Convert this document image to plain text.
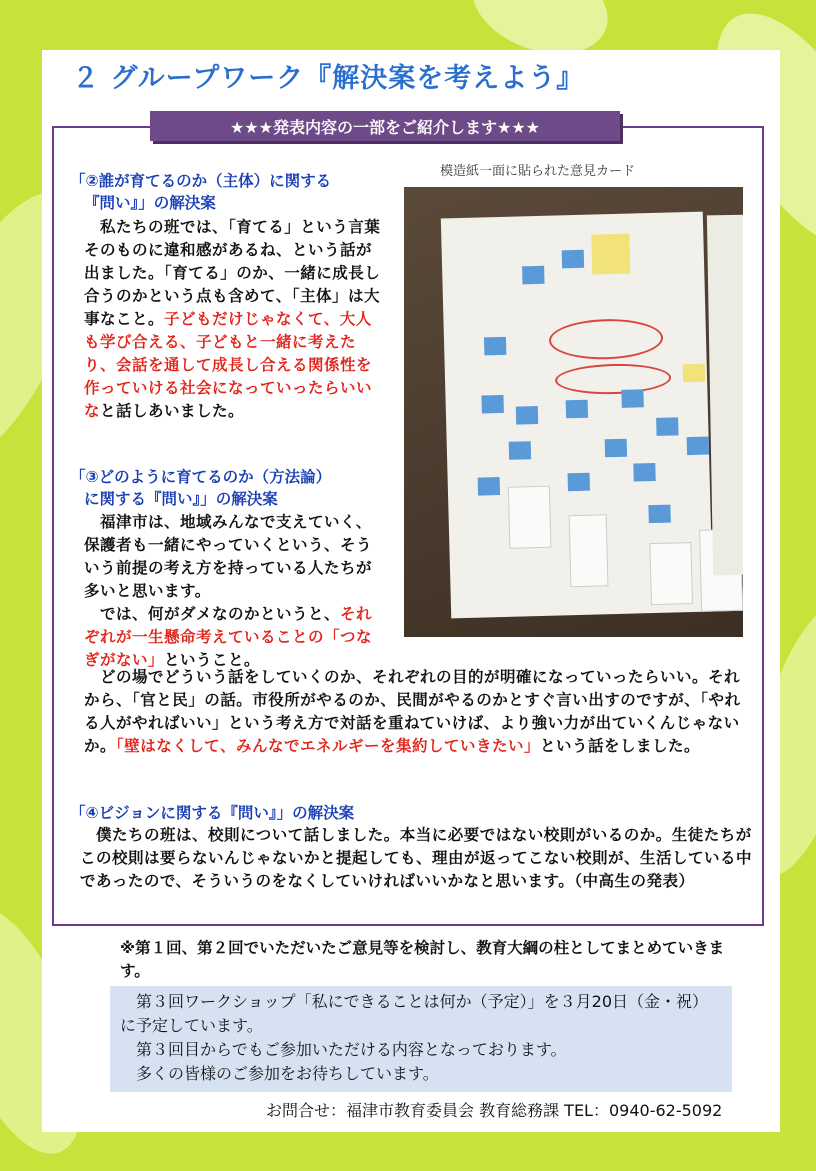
２ グループワーク『解決案を考えよう』
★★★発表内容の一部をご紹介します★★★
模造紙一面に貼られた意見カード
「②誰が育てるのか（主体）に関する
『問い』」の解決案
　私たちの班では、「育てる」という言葉そのものに違和感があるね、という話が出ました。「育てる」のか、一緒に成長し合うのかという点も含めて、「主体」は大事なこと。子どもだけじゃなくて、大人も学び合える、子どもと一緒に考えたり、会話を通して成長し合える関係性を作っていける社会になっていったらいいなと話しあいました。
「③どのように育てるのか（方法論）
に関する『問い』」の解決案
　福津市は、地域みんなで支えていく、保護者も一緒にやっていくという、そういう前提の考え方を持っている人たちが多いと思います。
　では、何がダメなのかというと、それぞれが一生懸命考えていることの「つなぎがない」ということ。
　どの場でどういう話をしていくのか、それぞれの目的が明確になっていったらいい。それから、「官と民」の話。市役所がやるのか、民間がやるのかとすぐ言い出すのですが、「やれる人がやればいい」という考え方で対話を重ねていけば、より強い力が出ていくんじゃないか。「壁はなくして、みんなでエネルギーを集約していきたい」という話をしました。
「④ビジョンに関する『問い』」の解決案
　僕たちの班は、校則について話しました。本当に必要ではない校則がいるのか。生徒たちがこの校則は要らないんじゃないかと提起しても、理由が返ってこない校則が、生活している中であったので、そういうのをなくしていければいいかなと思います。（中高生の発表）
※第１回、第２回でいただいたご意見等を検討し、教育大綱の柱としてまとめていきます。
　第３回ワークショップ「私にできることは何か（予定）」を３月20日（金・祝）に予定しています。
　第３回目からでもご参加いただける内容となっております。
　多くの皆様のご参加をお待ちしています。
お問合せ：福津市教育委員会 教育総務課 TEL：0940-62-5092
